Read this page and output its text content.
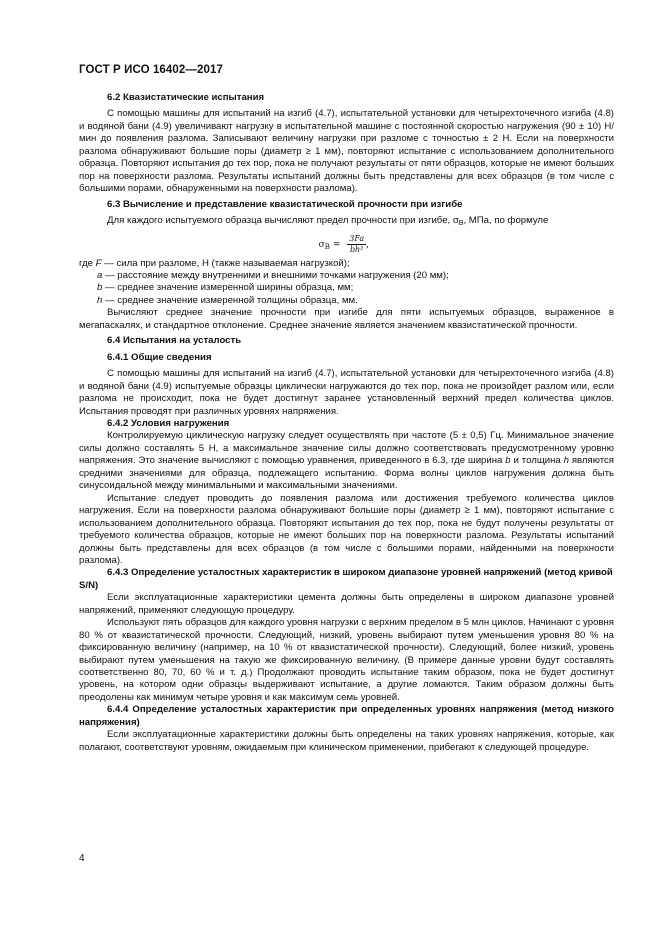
ГОСТ Р ИСО 16402—2017
6.2 Квазистатические испытания

С помощью машины для испытаний на изгиб (4.7), испытательной установки для четырехточечного изгиба (4.8) и водяной бани (4.9) увеличивают нагрузку в испытательной машине с постоянной скоростью нагружения (90 ± 10) Н/мин до появления разлома. Записывают величину нагрузки при разломе с точностью ± 2 Н. Если на поверхности разлома обнаруживают большие поры (диаметр ≥ 1 мм), повторяют испытание с использованием дополнительного образца. Повторяют испытания до тех пор, пока не получают результаты от пяти образцов, которые не имеют больших пор на поверхности разлома. Результаты испытаний должны быть представлены для всех образцов (в том числе с большими порами, обнаруженными на поверхности разлома).

6.3 Вычисление и представление квазистатической прочности при изгибе

Для каждого испытуемого образца вычисляют предел прочности при изгибе, $\sigma_B$, МПа, по формуле

$\sigma_B = \frac{3Fa}{\text{bh²}}$ ,

где F — сила при разломе, Н (также называемая нагрузкой);

a — расстояние между внутренними и внешними точками нагружения (20 мм);

b — среднее значение измеренной ширины образца, мм;

h — среднее значение измеренной толщины образца, мм.

Вычисляют среднее значение прочности при изгибе для пяти испытуемых образцов, выраженное в мегапаскалях, и стандартное отклонение. Среднее значение является значением квазистатической прочности.

6.4 Испытания на усталость
6.4.1 Общие сведения

С помощью машины для испытаний на изгиб (4.7), испытательной установки для четырехточечного изгиба (4.8) и водяной бани (4.9) испытуемые образцы циклически нагружаются до тех пор, пока не произойдет разлом или, если разлома не происходит, пока не будет достигнут заранее установленный верхний предел количества циклов. Испытания проводят при различных уровнях напряжения.

6.4.2 Условия нагружения

Контролируемую циклическую нагрузку следует осуществлять при частоте (5 ± 0,5) Гц. Минимальное значение силы должно составлять 5 Н, а максимальное значение силы должно соответствовать предусмотренному уровню напряжения. Это значение вычисляют с помощью уравнения, приведенного в 6.3, где ширина b и толщина h являются средними значениями для образца, подлежащего испытанию. Форма волны циклов нагружения должна быть синусоидальной между минимальными и максимальными значениями.

Испытание следует проводить до появления разлома или достижения требуемого количества циклов нагружения. Если на поверхности разлома обнаруживают большие поры (диаметр ≥ 1 мм), повторяют испытание с использованием дополнительного образца. Повторяют испытания до тех пор, пока не будут получены результаты от требуемого количества образцов, которые не имеют больших пор на поверхности разлома. Результаты испытаний должны быть представлены для всех образцов (в том числе с большими порами, найденными на поверхности разлома).

6.4.3 Определение усталостных характеристик в широком диапазоне уровней напряжений (метод кривой S/N)

Если эксплуатационные характеристики цемента должны быть определены в широком диапазоне уровней напряжений, применяют следующую процедуру.

Используют пять образцов для каждого уровня нагрузки с верхним пределом в 5 млн циклов. Начинают с уровня 80 % от квазистатической прочности. Следующий, низкий, уровень выбирают путем уменьшения уровня 80 % на фиксированную величину (например, на 10 % от квазистатической прочности). Следующий, более низкий, уровень выбирают путем уменьшения на такую же фиксированную величину. (В примере данные уровни будут составлять соответственно 80, 70, 60 % и т. д.) Продолжают проводить испытание таким образом, пока не будет достигнут уровень, на котором одни образцы выдерживают испытание, а другие ломаются. Таким образом должны быть преодолены как минимум четыре уровня и как максимум семь уровней.

6.4.4 Определение усталостных характеристик при определенных уровнях напряжения (метод низкого напряжения)

Если эксплуатационные характеристики должны быть определены на таких уровнях напряжения, которые, как полагают, соответствуют уровням, ожидаемым при клиническом применении, прибегают к следующей процедуре.

4
